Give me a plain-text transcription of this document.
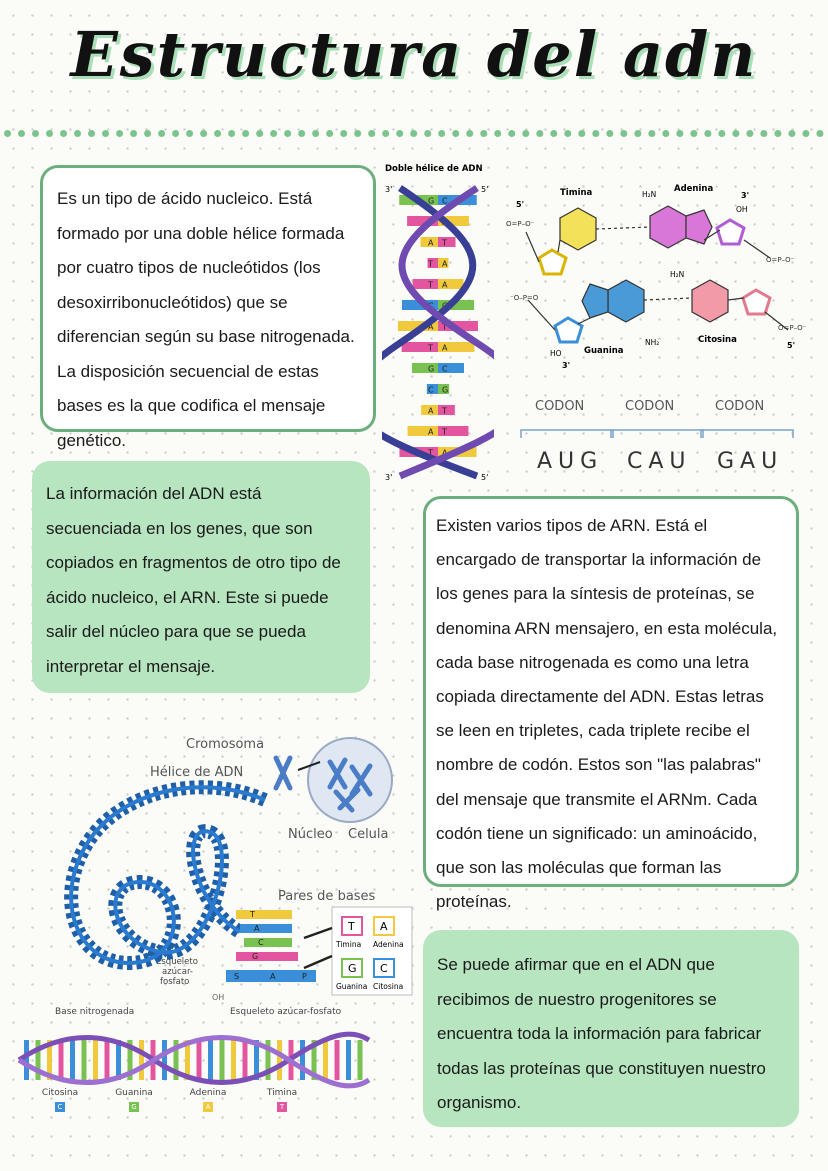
Estructura del adn
Es un tipo de ácido nucleico. Está formado por una doble hélice formada por cuatro tipos de nucleótidos (los desoxirribonucleótidos) que se diferencian según su base nitrogenada. La disposición secuencial de estas bases es la que codifica el mensaje genético.
La información del ADN está secuenciada en los genes, que son copiados en fragmentos de otro tipo de ácido nucleico, el ARN. Este si puede salir del núcleo para que se pueda interpretar el mensaje.
Existen varios tipos de ARN. Está el encargado de transportar la información de los genes para la síntesis de proteínas, se denomina ARN mensajero, en esta molécula, cada base nitrogenada es como una letra copiada directamente del ADN. Estas letras se leen en tripletes, cada triplete recibe el nombre de codón. Estos son "las palabras" del mensaje que transmite el ARNm. Cada codón tiene un significado: un aminoácido, que son las moléculas que forman las proteínas.
Se puede afirmar que en el ADN que recibimos de nuestro progenitores se encuentra toda la información para fabricar todas las proteínas que constituyen nuestro organismo.
Doble hélice de ADN
3'	5'
3'	5'
G C
T A
A T
T A
T A
C G
A T
T A
G C
C G
A T
A T
T A
Timina	Adenina
Guanina
Citosina
5'
3'
5'
3'
H₂N
H₂N
NH₂
OH
HO
O=P–O⁻
O=P–O⁻
⁻O–P=O
O=P–O⁻
CODON
AUG
CODON
CAU
CODON
GAU
Cromosoma
Hélice de ADN
Núcleo Celula
Pares de bases
Esqueleto
azúcar-
fosfato
OH
T
A
C
G
S	A	P
T A
Timina Adenina
G C
Guanina Citosina
Base nitrogenada	Esqueleto azúcar-fosfato
Citosina
C
Guanina
G
Adenina
A
Timina
T
